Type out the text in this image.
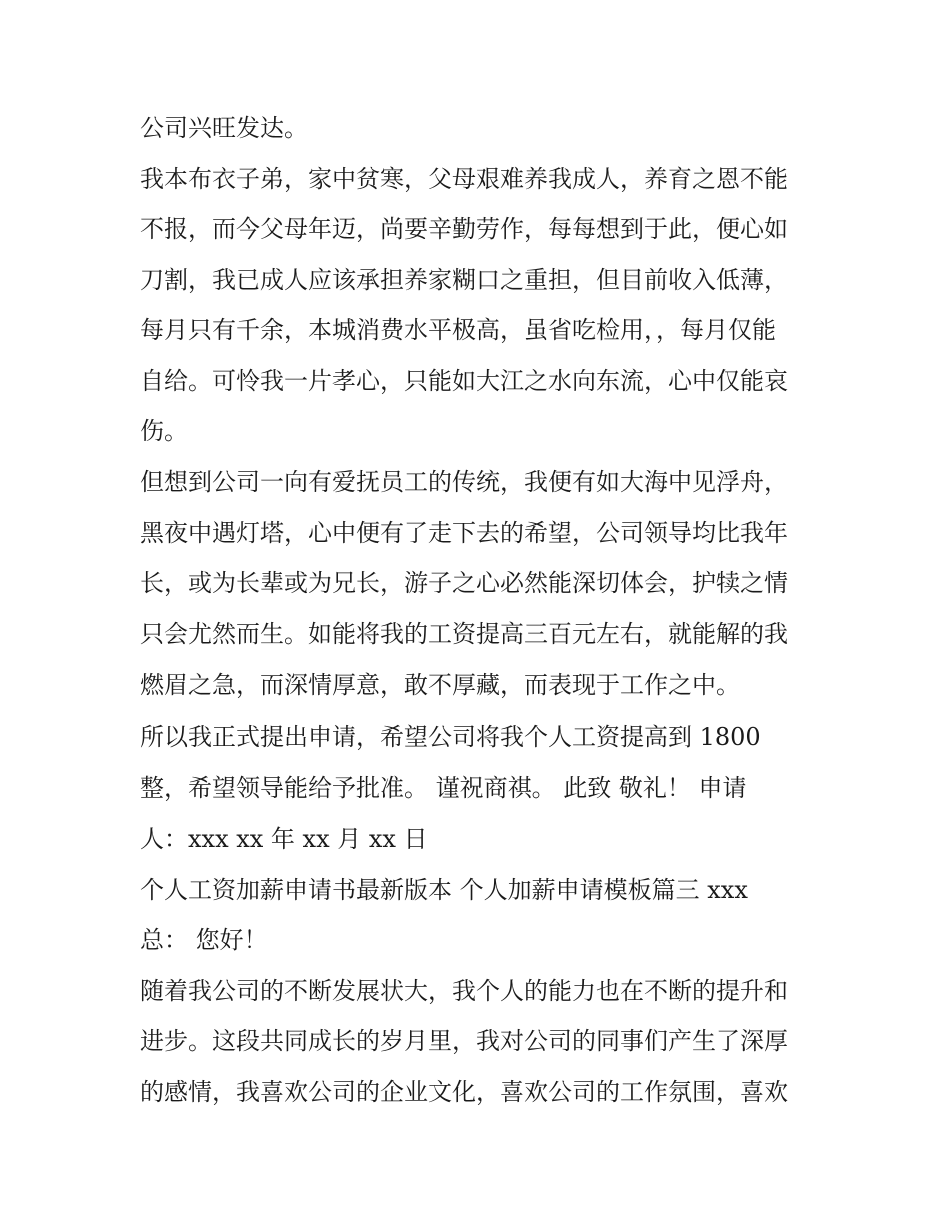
公司兴旺发达。
我本布衣子弟，家中贫寒，父母艰难养我成人，养育之恩不能
不报，而今父母年迈，尚要辛勤劳作，每每想到于此，便心如
刀割，我已成人应该承担养家糊口之重担，但目前收入低薄，
每月只有千余，本城消费水平极高，虽省吃检用，，每月仅能
自给。可怜我一片孝心，只能如大江之水向东流，心中仅能哀
伤。
但想到公司一向有爱抚员工的传统，我便有如大海中见浮舟，
黑夜中遇灯塔，心中便有了走下去的希望，公司领导均比我年
长，或为长辈或为兄长，游子之心必然能深切体会，护犊之情
只会尤然而生。如能将我的工资提高三百元左右，就能解的我
燃眉之急，而深情厚意，敢不厚藏，而表现于工作之中。
所以我正式提出申请，希望公司将我个人工资提高到 1800
整，希望领导能给予批准。 谨祝商祺。 此致 敬礼！ 申请
人：xxx xx 年 xx 月 xx 日
个人工资加薪申请书最新版本 个人加薪申请模板篇三 xxx
总： 您好！
随着我公司的不断发展状大，我个人的能力也在不断的提升和
进步。这段共同成长的岁月里，我对公司的同事们产生了深厚
的感情，我喜欢公司的企业文化，喜欢公司的工作氛围，喜欢
